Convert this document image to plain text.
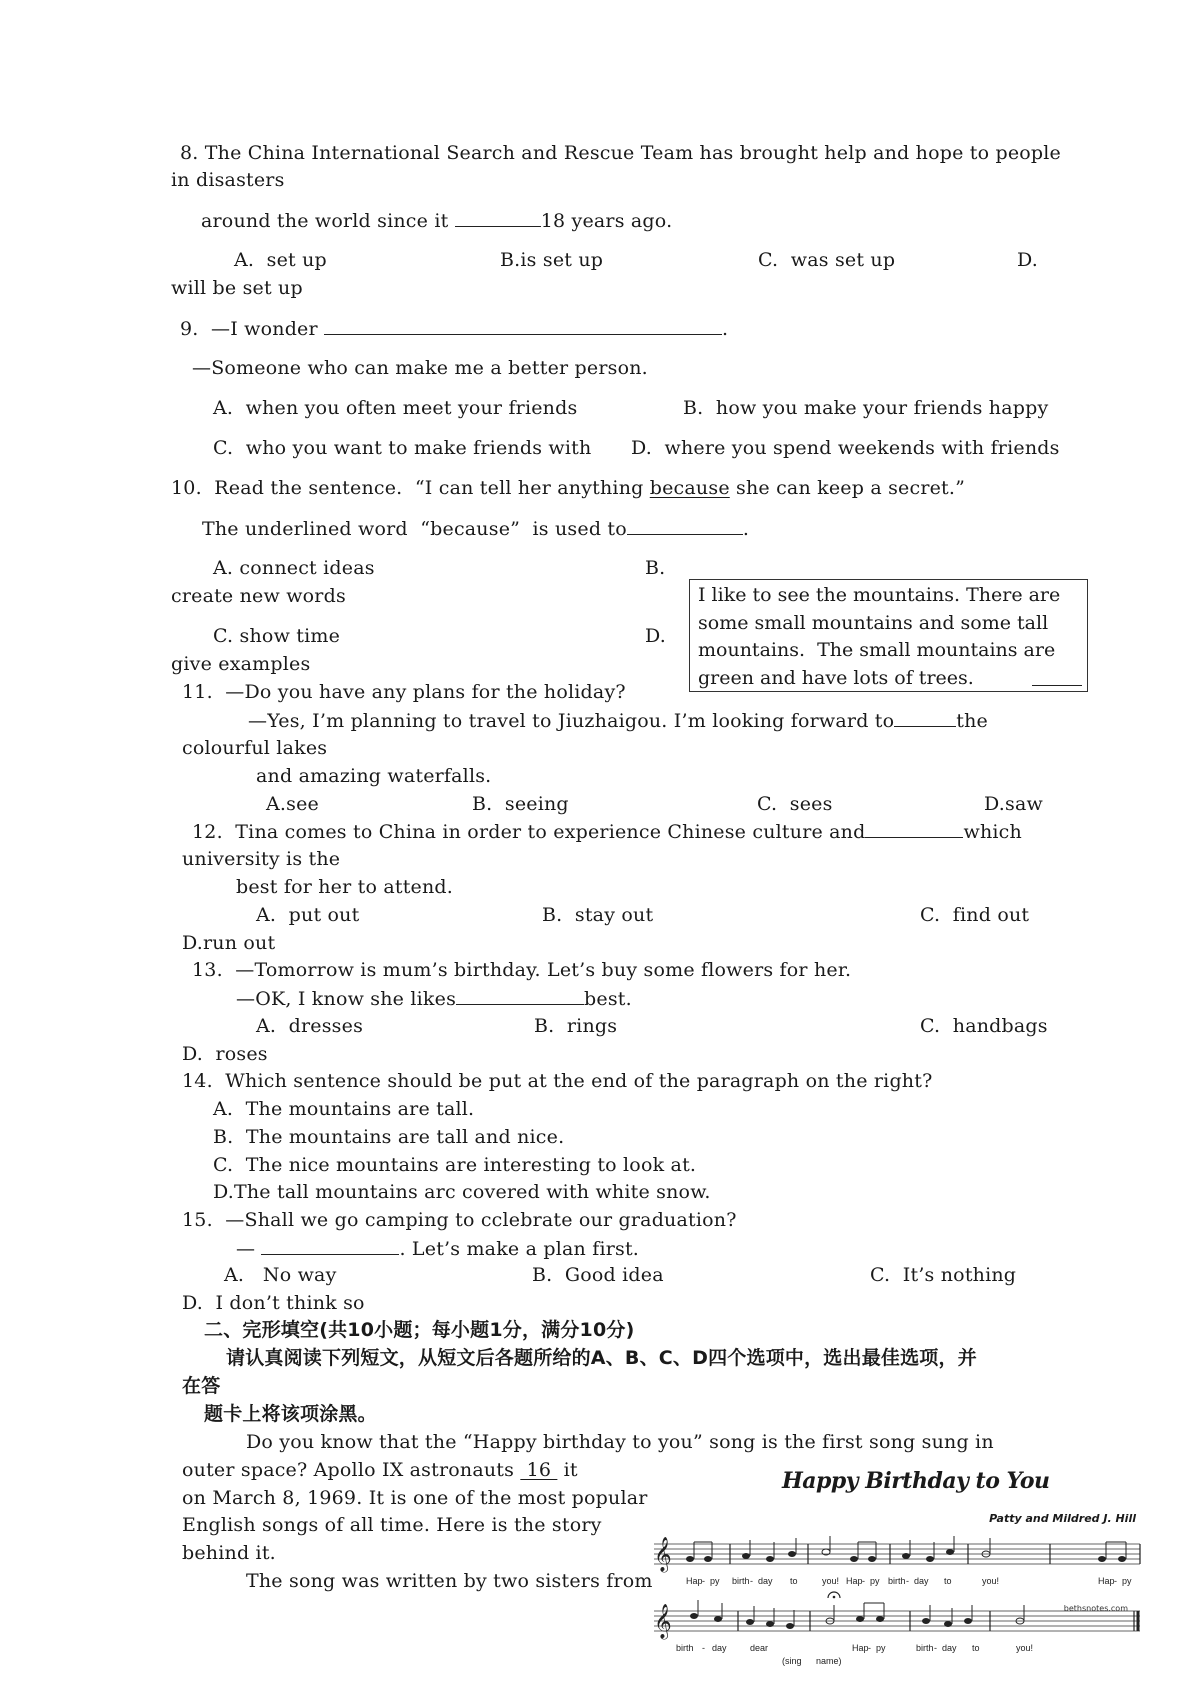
8. The China International Search and Rescue Team has brought help and hope to people
in disasters
around the world since it	18 years ago.
A.  set up	B.is set up	C.  was set up	D.
will be set up
9.  —I wonder	.
—Someone who can make me a better person.
A.  when you often meet your friends	B.  how you make your friends happy
C.  who you want to make friends with D.  where you spend weekends with friends
10.  Read the sentence.  “I can tell her anything because she can keep a secret.”
The underlined word  “because”  is used to	.
A. connect ideas	B.
create new words
C. show time	D.
give examples
I like to see the mountains. There are
some small mountains and some tall
mountains.  The small mountains are
green and have lots of trees.
11.  —Do you have any plans for the holiday?
—Yes, I’m planning to travel to Jiuzhaigou. I’m looking forward to	the
colourful lakes
and amazing waterfalls.
A.see	B.  seeing	C.  sees	D.saw
12.  Tina comes to China in order to experience Chinese culture and	which
university is the
best for her to attend.
A.  put out	B.  stay out	C.  find out
D.run out
13.  —Tomorrow is mum’s birthday. Let’s buy some flowers for her.
—OK, I know she likes	best.
A.  dresses	B.  rings	C.  handbags
D.  roses
14.  Which sentence should be put at the end of the paragraph on the right?
A.  The mountains are tall.
B.  The mountains are tall and nice.
C.  The nice mountains are interesting to look at.
D.The tall mountains arc covered with white snow.
15.  —Shall we go camping to cclebrate our graduation?
—	. Let’s make a plan first.
A.   No way	B.  Good idea	C.  It’s nothing
D.  I don’t think so
二、完形填空(共10小题；每小题1分，满分10分)
请认真阅读下列短文，从短文后各题所给的A、B、C、D四个选项中，选出最佳选项，并
在答
题卡上将该项涂黑。
Do you know that the “Happy birthday to you” song is the first song sung in
outer space? Apollo IX astronauts  16  it
on March 8, 1969. It is one of the most popular
English songs of all time. Here is the story
behind it.
The song was written by two sisters from
Happy Birthday to You
Patty and Mildred J. Hill
bethsnotes.com
𝄞
𝄞
Hap - py birth - day to	you! Hap - py birth - day to	you!	Hap - py
birth - day	dear	Hap - py	birth - day to	you!
(sing name)
